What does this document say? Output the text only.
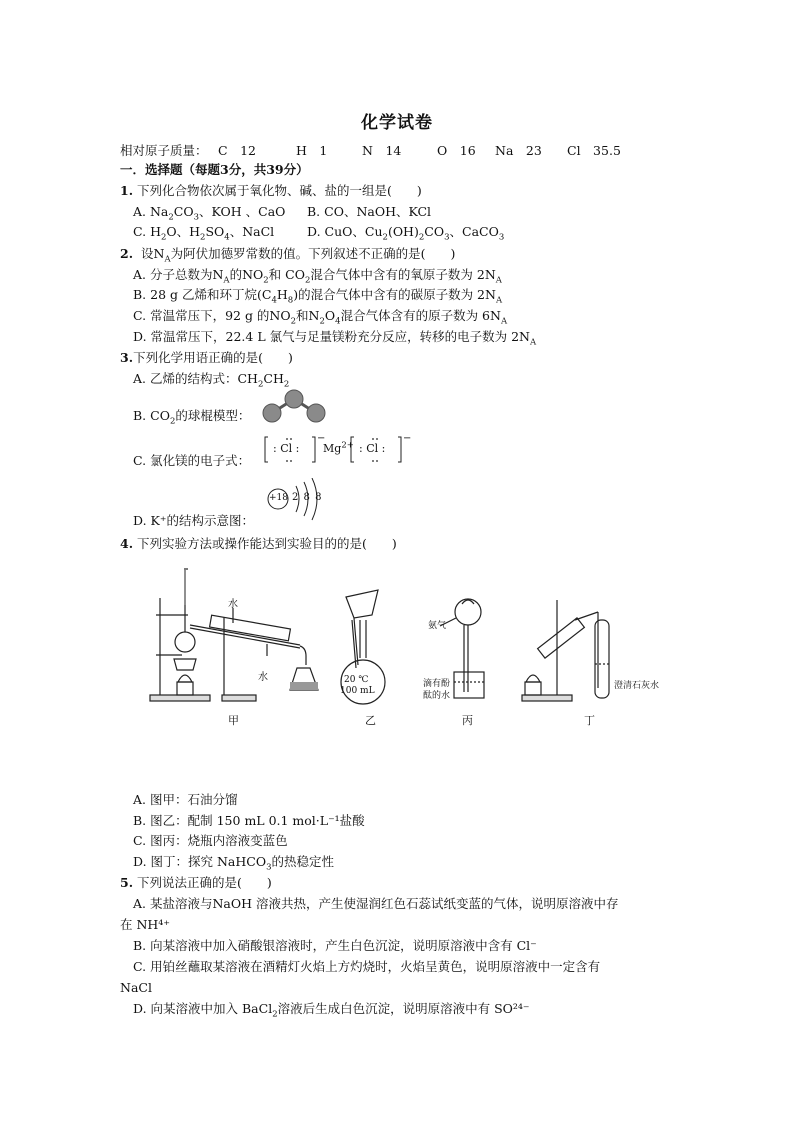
化学试卷
相对原子质量： C　12	H　1	N　14	O　16 Na　23 Cl　35.5
一．选择题（每题3分，共39分）
1. 下列化合物依次属于氧化物、碱、盐的一组是(　　)
A. $Na_2CO_3$、KOH 、CaO B. CO、NaOH、KCl
C. $H_2O$、$H_2SO_4$、NaCl	D. CuO、$Cu_2(OH)_2CO_3$、CaCO$_3$
2. 设$N_A$为阿伏加德罗常数的值。下列叙述不正确的是(　　)
A. 分子总数为$N_A$的$NO_2$和 $CO_2$混合气体中含有的氧原子数为 $2N_A$
B. 28 g 乙烯和环丁烷$(C_4H_8)$的混合气体中含有的碳原子数为 $2N_A$
C. 常温常压下，92 g 的$NO_2$和$N_2O_4$混合气体含有的原子数为 $6N_A$
D. 常温常压下，22.4 L 氯气与足量镁粉充分反应，转移的电子数为 $2N_A$
3.下列化学用语正确的是(　　)
A. 乙烯的结构式：$CH_2CH_2$
B. $CO_2$的球棍模型：
C. 氯化镁的电子式：
: Cl :
−
$Mg^{2+}$ : Cl :
−
D. K⁺的结构示意图：
+18 2 8 8
4. 下列实验方法或操作能达到实验目的的是(　　)
甲	乙	丙	丁
水
水	20 ℃
100 mL
氨气
滴有酚
酞的水
澄清石灰水
A. 图甲：石油分馏
B. 图乙：配制 150 mL 0.1 mol·L⁻¹盐酸
C. 图丙：烧瓶内溶液变蓝色
D. 图丁：探究 NaHCO$_3$的热稳定性
5. 下列说法正确的是(　　)
A. 某盐溶液与NaOH 溶液共热，产生使湿润红色石蕊试纸变蓝的气体，说明原溶液中存
在 NH⁴⁺
B. 向某溶液中加入硝酸银溶液时，产生白色沉淀，说明原溶液中含有 Cl⁻
C. 用铂丝蘸取某溶液在酒精灯火焰上方灼烧时，火焰呈黄色，说明原溶液中一定含有
NaCl
D. 向某溶液中加入 BaCl$_2$溶液后生成白色沉淀，说明原溶液中有 SO²⁴⁻
